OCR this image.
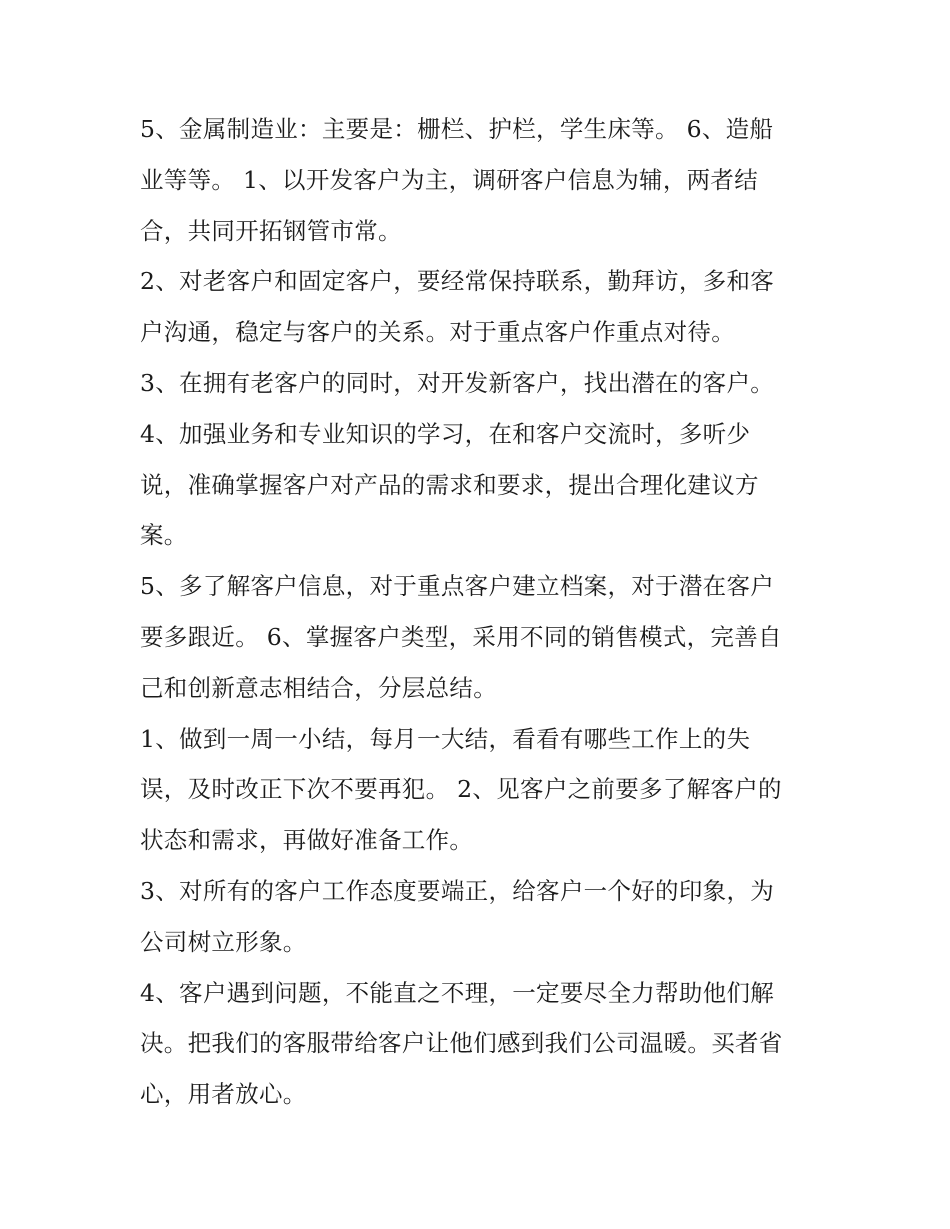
5、金属制造业：主要是：栅栏、护栏，学生床等。 6、造船
业等等。 1、以开发客户为主，调研客户信息为辅，两者结
合，共同开拓钢管市常。
2、对老客户和固定客户，要经常保持联系，勤拜访，多和客
户沟通，稳定与客户的关系。对于重点客户作重点对待。
3、在拥有老客户的同时，对开发新客户，找出潜在的客户。
4、加强业务和专业知识的学习，在和客户交流时，多听少
说，准确掌握客户对产品的需求和要求，提出合理化建议方
案。
5、多了解客户信息，对于重点客户建立档案，对于潜在客户
要多跟近。 6、掌握客户类型，采用不同的销售模式，完善自
己和创新意志相结合，分层总结。
1、做到一周一小结，每月一大结，看看有哪些工作上的失
误，及时改正下次不要再犯。 2、见客户之前要多了解客户的
状态和需求，再做好准备工作。
3、对所有的客户工作态度要端正，给客户一个好的印象，为
公司树立形象。
4、客户遇到问题，不能直之不理，一定要尽全力帮助他们解
决。把我们的客服带给客户让他们感到我们公司温暖。买者省
心，用者放心。
